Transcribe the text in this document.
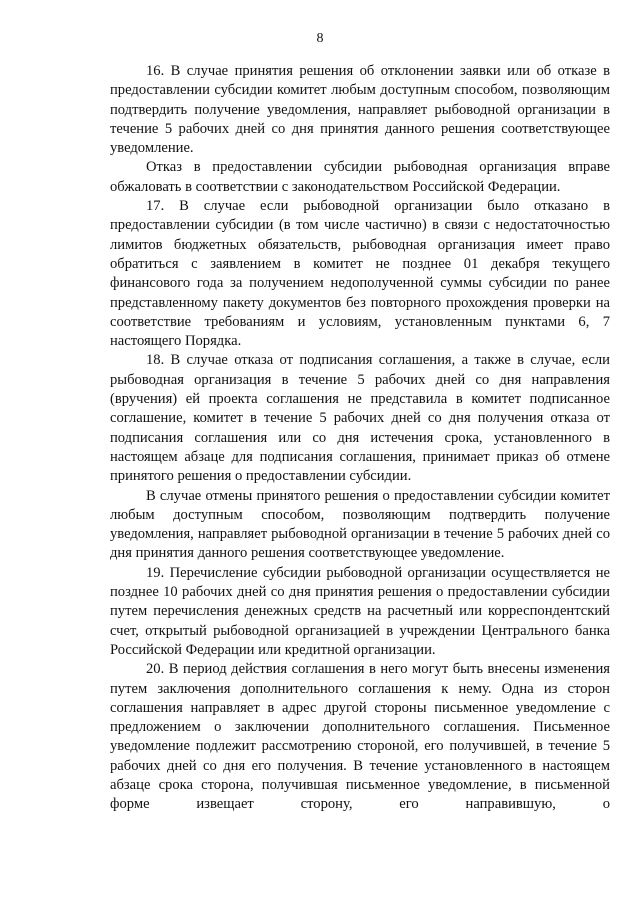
8

16. В случае принятия решения об отклонении заявки или об отказе в предоставлении субсидии комитет любым доступным способом, позволяющим подтвердить получение уведомления, направляет рыбоводной организации в течение 5 рабочих дней со дня принятия данного решения соответствующее уведомление.

Отказ в предоставлении субсидии рыбоводная организация вправе обжаловать в соответствии с законодательством Российской Федерации.

17. В случае если рыбоводной организации было отказано в предоставлении субсидии (в том числе частично) в связи с недостаточностью лимитов бюджетных обязательств, рыбоводная организация имеет право обратиться с заявлением в комитет не позднее 01 декабря текущего финансового года за получением недополученной суммы субсидии по ранее представленному пакету документов без повторного прохождения проверки на соответствие требованиям и условиям, установленным пунктами 6, 7 настоящего Порядка.

18. В случае отказа от подписания соглашения, а также в случае, если рыбоводная организация в течение 5 рабочих дней со дня направления (вручения) ей проекта соглашения не представила в комитет подписанное соглашение, комитет в течение 5 рабочих дней со дня получения отказа от подписания соглашения или со дня истечения срока, установленного в настоящем абзаце для подписания соглашения, принимает приказ об отмене принятого решения о предоставлении субсидии.

В случае отмены принятого решения о предоставлении субсидии комитет любым доступным способом, позволяющим подтвердить получение уведомления, направляет рыбоводной организации в течение 5 рабочих дней со дня принятия данного решения соответствующее уведомление.

19. Перечисление субсидии рыбоводной организации осуществляется не позднее 10 рабочих дней со дня принятия решения о предоставлении субсидии путем перечисления денежных средств на расчетный или корреспондентский счет, открытый рыбоводной организацией в учреждении Центрального банка Российской Федерации или кредитной организации.

20. В период действия соглашения в него могут быть внесены изменения путем заключения дополнительного соглашения к нему. Одна из сторон соглашения направляет в адрес другой стороны письменное уведомление с предложением о заключении дополнительного соглашения. Письменное уведомление подлежит рассмотрению стороной, его получившей, в течение 5 рабочих дней со дня его получения. В течение установленного в настоящем абзаце срока сторона, получившая письменное уведомление, в письменной форме извещает сторону, его направившую, о
